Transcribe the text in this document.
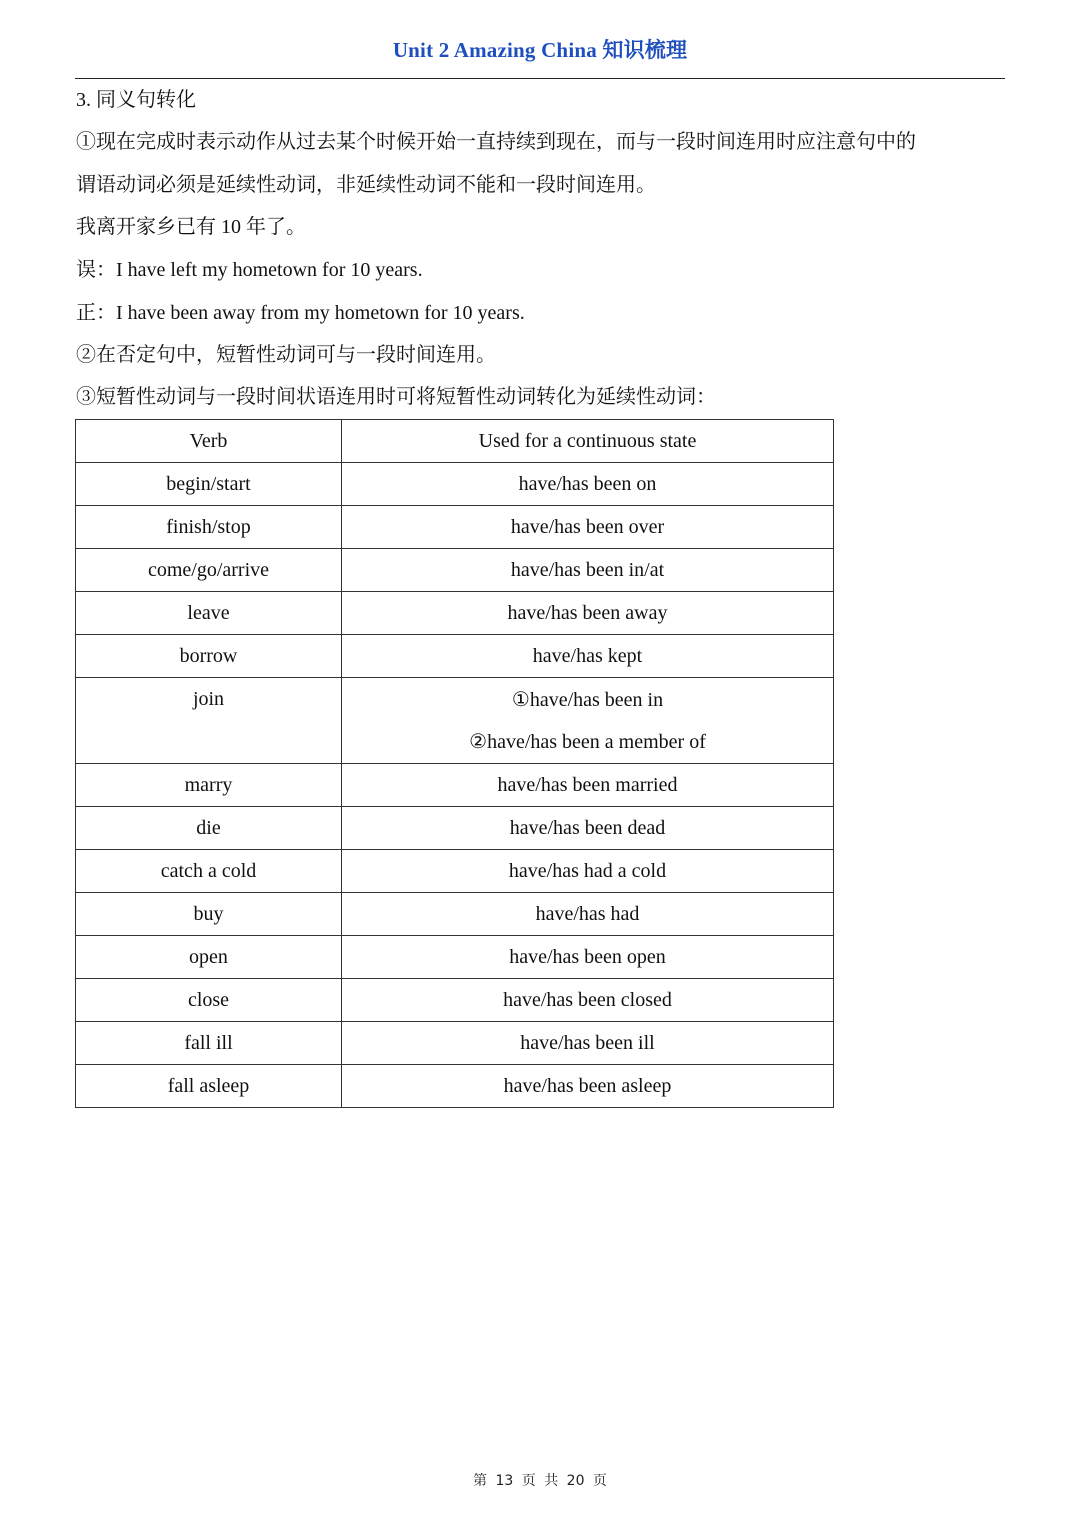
Unit 2 Amazing China 知识梳理
3. 同义句转化
①现在完成时表示动作从过去某个时候开始一直持续到现在，而与一段时间连用时应注意句中的
谓语动词必须是延续性动词，非延续性动词不能和一段时间连用。
我离开家乡已有 10 年了。
误：I have left my hometown for 10 years.
正：I have been away from my hometown for 10 years.
②在否定句中，短暂性动词可与一段时间连用。
③短暂性动词与一段时间状语连用时可将短暂性动词转化为延续性动词：
Verb	Used for a continuous state
begin/start	have/has been on
finish/stop	have/has been over
come/go/arrive	have/has been in/at
leave	have/has been away
borrow	have/has kept
join	①have/has been in
②have/has been a member of

marry	have/has been married
die	have/has been dead
catch a cold	have/has had a cold
buy	have/has had
open	have/has been open
close	have/has been closed
fall ill	have/has been ill
fall asleep	have/has been asleep
第 13 页 共 20 页
